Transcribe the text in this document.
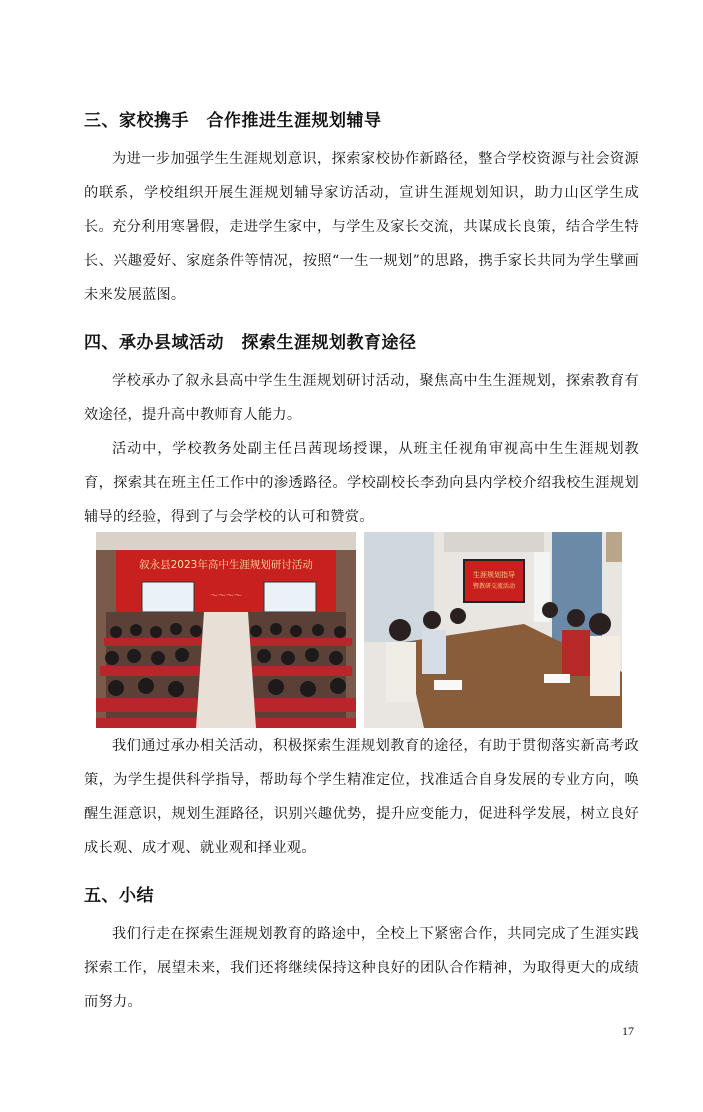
三、家校携手　合作推进生涯规划辅导

为进一步加强学生生涯规划意识，探索家校协作新路径，整合学校资源与社会资源的联系，学校组织开展生涯规划辅导家访活动，宣讲生涯规划知识，助力山区学生成长。 充分利用寒暑假，走进学生家中，与学生及家长交流，共谋成长良策，结合学生特长、兴趣爱好、家庭条件等情况，按照“一生一规划”的思路，携手家长共同为学生擘画未来发展蓝图。

四、承办县域活动　探索生涯规划教育途径

学校承办了叙永县高中学生生涯规划研讨活动，聚焦高中生生涯规划，探索教育有效途径，提升高中教师育人能力。

活动中，学校教务处副主任吕茜现场授课，从班主任视角审视高中生生涯规划教育，探索其在班主任工作中的渗透路径。学校副校长李劲向县内学校介绍我校生涯规划辅导的经验，得到了与会学校的认可和赞赏。

叙永县2023年高中生涯规划研讨活动
〜〜〜〜
生涯规划指导
暨教研交流活动

我们通过承办相关活动，积极探索生涯规划教育的途径，有助于贯彻落实新高考政策，为学生提供科学指导，帮助每个学生精准定位，找准适合自身发展的专业方向，唤醒生涯意识，规划生涯路径，识别兴趣优势，提升应变能力，促进科学发展，树立良好成长观、成才观、就业观和择业观。

五、小结

我们行走在探索生涯规划教育的路途中，全校上下紧密合作，共同完成了生涯实践探索工作，展望未来，我们还将继续保持这种良好的团队合作精神，为取得更大的成绩而努力。

17
